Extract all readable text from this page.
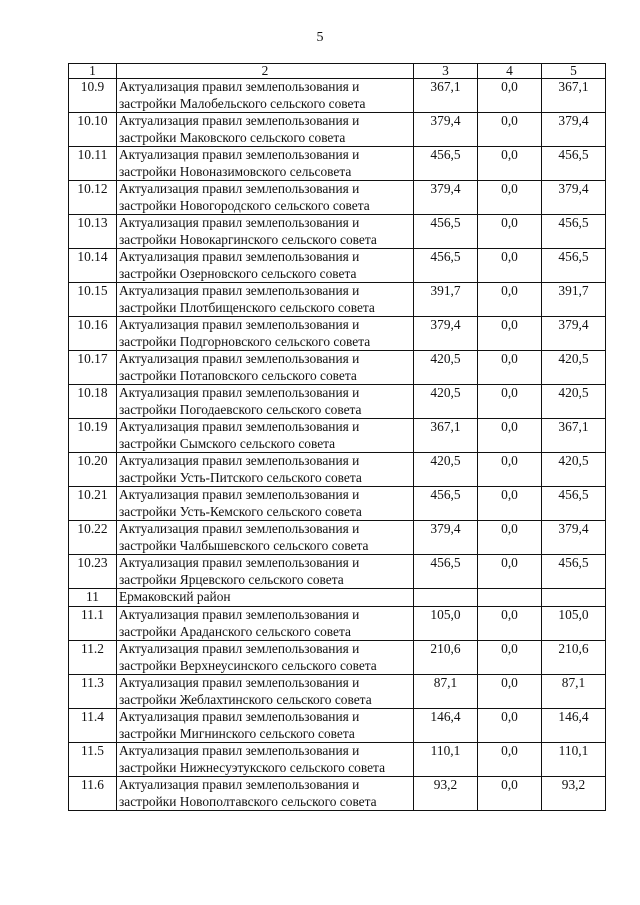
5
1	2	3	4	5
10.9	Актуализация правил землепользования и
застройки Малобельского сельского совета	367,1	0,0	367,1
10.10	Актуализация правил землепользования и
застройки Маковского сельского совета	379,4	0,0	379,4
10.11	Актуализация правил землепользования и
застройки Новоназимовского сельсовета	456,5	0,0	456,5
10.12	Актуализация правил землепользования и
застройки Новогородского сельского совета	379,4	0,0	379,4
10.13	Актуализация правил землепользования и
застройки Новокаргинского сельского совета	456,5	0,0	456,5
10.14	Актуализация правил землепользования и
застройки Озерновского сельского совета	456,5	0,0	456,5
10.15	Актуализация правил землепользования и
застройки Плотбищенского сельского совета	391,7	0,0	391,7
10.16	Актуализация правил землепользования и
застройки Подгорновского сельского совета	379,4	0,0	379,4
10.17	Актуализация правил землепользования и
застройки Потаповского сельского совета	420,5	0,0	420,5
10.18	Актуализация правил землепользования и
застройки Погодаевского сельского совета	420,5	0,0	420,5
10.19	Актуализация правил землепользования и
застройки Сымского сельского совета	367,1	0,0	367,1
10.20	Актуализация правил землепользования и
застройки Усть-Питского сельского совета	420,5	0,0	420,5
10.21	Актуализация правил землепользования и
застройки Усть-Кемского сельского совета	456,5	0,0	456,5
10.22	Актуализация правил землепользования и
застройки Чалбышевского сельского совета	379,4	0,0	379,4
10.23	Актуализация правил землепользования и
застройки Ярцевского сельского совета	456,5	0,0	456,5
11	Ермаковский район			

11.1	Актуализация правил землепользования и
застройки Араданского сельского совета	105,0	0,0	105,0
11.2	Актуализация правил землепользования и
застройки Верхнеусинского сельского совета	210,6	0,0	210,6
11.3	Актуализация правил землепользования и
застройки Жеблахтинского сельского совета	87,1	0,0	87,1
11.4	Актуализация правил землепользования и
застройки Мигнинского сельского совета	146,4	0,0	146,4
11.5	Актуализация правил землепользования и
застройки Нижнесуэтукского сельского совета	110,1	0,0	110,1
11.6	Актуализация правил землепользования и
застройки Новополтавского сельского совета	93,2	0,0	93,2
